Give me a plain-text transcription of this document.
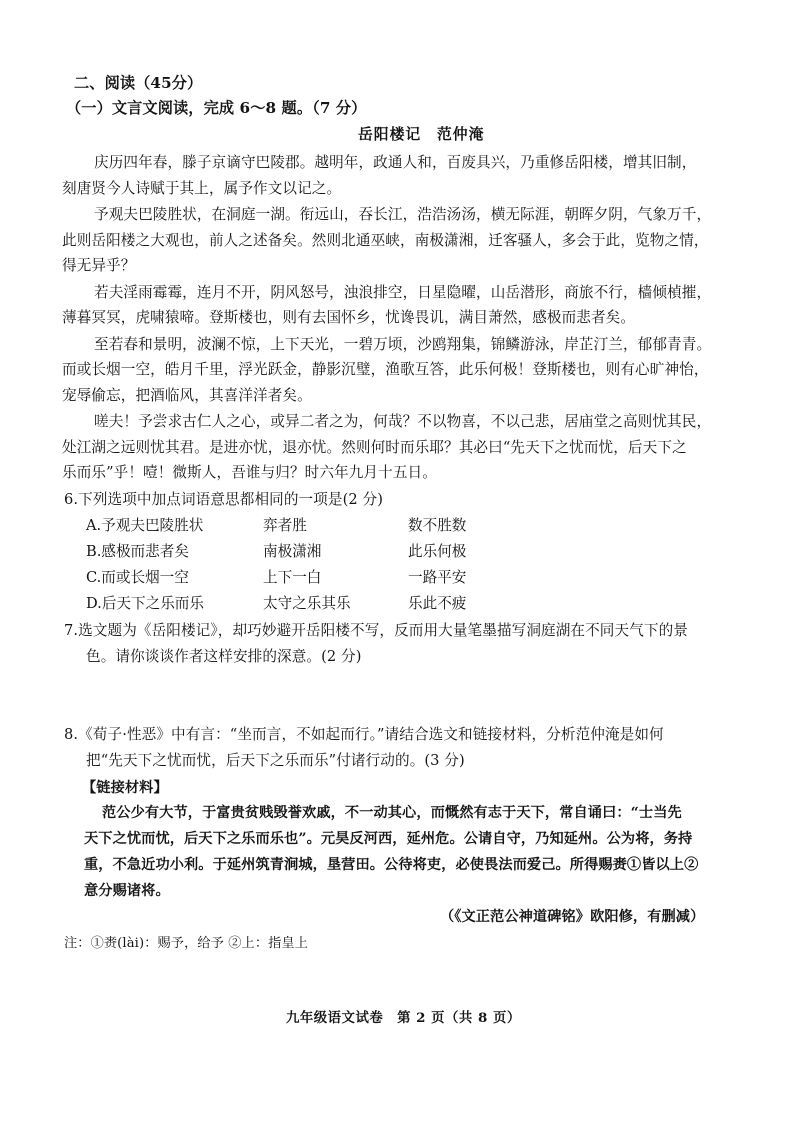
二、阅读（45分）
（一）文言文阅读，完成 6～8 题。（7 分）
岳阳楼记　范仲淹
庆历四年春，滕子京谪守巴陵郡。越明年，政通人和，百废具兴，乃重修岳阳楼，增其旧制，
刻唐贤今人诗赋于其上，属予作文以记之。
予观夫巴陵胜状，在洞庭一湖。衔远山，吞长江，浩浩汤汤，横无际涯，朝晖夕阴，气象万千，
此则岳阳楼之大观也，前人之述备矣。然则北通巫峡，南极潇湘，迁客骚人，多会于此，览物之情，
得无异乎？
若夫淫雨霉霉，连月不开，阴风怒号，浊浪排空，日星隐曜，山岳潜形，商旅不行，樯倾楨摧，
薄暮冥冥，虎啸猿啼。登斯楼也，则有去国怀乡，忧谗畏讥，满目萧然，感极而悲者矣。
至若春和景明，波澜不惊，上下天光，一碧万顷，沙鸥翔集，锦鳞游泳，岸芷汀兰，郁郁青青。
而或长烟一空，皓月千里，浮光跃金，静影沉璧，渔歌互答，此乐何极！登斯楼也，则有心旷神怡，
宠辱偷忘，把酒临风，其喜洋洋者矣。
嗟夫！予尝求古仁人之心，或异二者之为，何哉？不以物喜，不以己悲，居庙堂之高则忧其民，
处江湖之远则忧其君。是进亦忧，退亦忧。然则何时而乐耶？其必曰“先天下之忧而忧，后天下之
乐而乐”乎！噎！微斯人，吾谁与归？时六年九月十五日。
6.下列选项中加点词语意思都相同的一项是(2 分)
A.予观夫巴陵胜状	弈者胜	数不胜数
B.感极而悲者矣	南极潇湘	此乐何极
C.而或长烟一空	上下一白	一路平安
D.后天下之乐而乐	太守之乐其乐	乐此不疲
7.选文题为《岳阳楼记》，却巧妙避开岳阳楼不写，反而用大量笔墨描写洞庭湖在不同天气下的景
色。请你谈谈作者这样安排的深意。(2 分)
8.《荀子·性恶》中有言：“坐而言，不如起而行。”请结合选文和链接材料，分析范仲淹是如何
把“先天下之忧而忧，后天下之乐而乐”付诸行动的。(3 分)
【链接材料】
范公少有大节，于富贵贫贱毁誉欢戚，不一动其心，而慨然有志于天下，常自诵曰：“士当先
天下之忧而忧，后天下之乐而乐也”。元昊反河西，延州危。公请自守，乃知延州。公为将，务持
重，不急近功小利。于延州筑青涧城，垦营田。公待将吏，必使畏法而爱己。所得赐赉①皆以上②
意分赐诸将。
（《文正范公神道碑铭》欧阳修，有删减）
注：①赉(lài)：赐予，给予 ②上：指皇上
九年级语文试卷　第 2 页（共 8 页）
